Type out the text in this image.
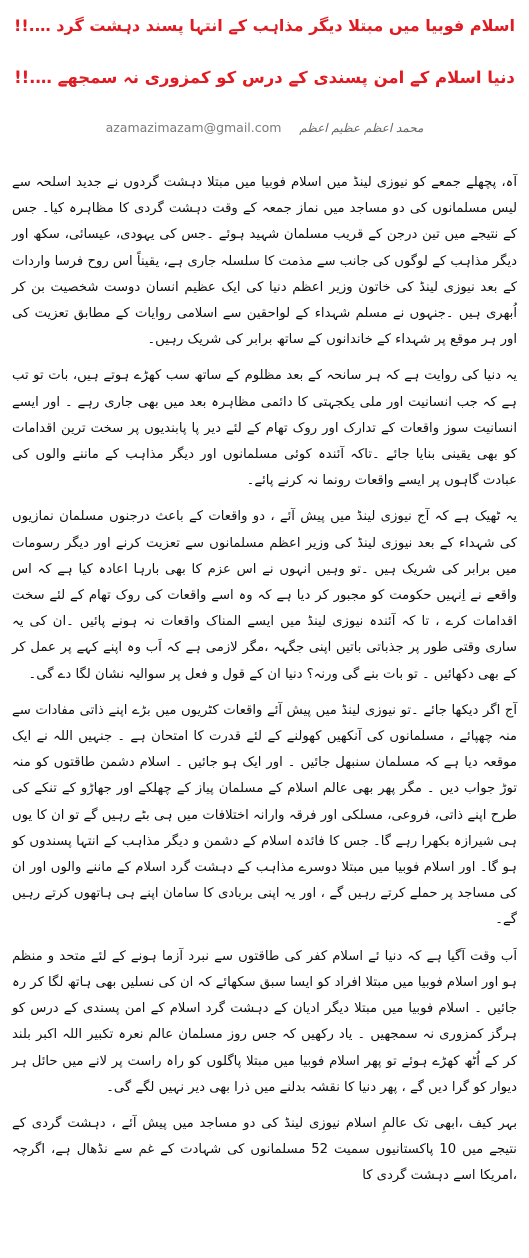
اسلام فوبیا میں مبتلا دیگر مذاہب کے انتہا پسند دہشت گرد ….!!
دنیا اسلام کے امن پسندی کے درس کو کمزوری نہ سمجھے ….!!
azamazimazam@gmail.com محمد اعظم عظیم اعظم

آہ، پچھلے جمعے کو نیوزی لینڈ میں اسلام فوبیا میں مبتلا دہشت گردوں نے جدید اسلحہ سے لیس مسلمانوں کی دو مساجد میں نماز جمعہ کے وقت دہشت گردی کا مظاہرہ کیا۔ جس کے نتیجے میں تین درجن کے قریب مسلمان شہید ہوئے ۔جس کی یہودی، عیسائی، سکھ اور دیگر مذاہب کے لوگوں کی جانب سے مذمت کا سلسلہ جاری ہے، یقیناً اس روح فرسا واردات کے بعد نیوزی لینڈ کی خاتون وزیر اعظم دنیا کی ایک عظیم انسان دوست شخصیت بن کر اُبھری ہیں ۔جنہوں نے مسلم شہداء کے لواحقین سے اسلامی روایات کے مطابق تعزیت کی اور ہر موقع پر شہداء کے خاندانوں کے ساتھ برابر کی شریک رہیں۔

یہ دنیا کی روایت ہے کہ ہر سانحہ کے بعد مظلوم کے ساتھ سب کھڑے ہوتے ہیں، بات تو تب ہے کہ جب انسانیت اور ملی یکجہتی کا دائمی مظاہرہ بعد میں بھی جاری رہے ۔ اور ایسے انسانیت سوز واقعات کے تدارک اور روک تھام کے لئے دیر پا پابندیوں پر سخت ترین اقدامات کو بھی یقینی بنایا جائے ۔تاکہ آئندہ کوئی مسلمانوں اور دیگر مذاہب کے ماننے والوں کی عبادت گاہوں پر ایسے واقعات رونما نہ کرنے پائے۔

یہ ٹھیک ہے کہ آج نیوزی لینڈ میں پیش آئے ، دو واقعات کے باعث درجنوں مسلمان نمازیوں کی شہداء کے بعد نیوزی لینڈ کی وزیر اعظم مسلمانوں سے تعزیت کرنے اور دیگر رسومات میں برابر کی شریک ہیں ۔تو وہیں انہوں نے اس عزم کا بھی بارہا اعادہ کیا ہے کہ اس واقعے نے اِنہیں حکومت کو مجبور کر دیا ہے کہ وہ اسے واقعات کی روک تھام کے لئے سخت اقدامات کرے ، تا کہ آئندہ نیوزی لینڈ میں ایسے المناک واقعات نہ ہونے پائیں ۔ان کی یہ ساری وقتی طور پر جذباتی باتیں اپنی جگہہ ،مگر لازمی ہے کہ اَب وہ اپنے کہے پر عمل کر کے بھی دکھائیں ۔ تو بات بنے گی ورنہ؟ دنیا ان کے قول و فعل پر سوالیہ نشان لگا دے گی۔

آج اگر دیکھا جائے ۔تو نیوزی لینڈ میں پیش آئے واقعات کٹریوں میں بڑے اپنے ذاتی مفادات سے منہ چھپائے ، مسلمانوں کی آنکھیں کھولنے کے لئے قدرت کا امتحان ہے ۔ جنہیں اللہ نے ایک موقعہ دیا ہے کہ مسلمان سنبھل جائیں ۔ اور ایک ہو جائیں ۔ اسلام دشمن طاقتوں کو منہ توڑ جواب دیں ۔ مگر پھر بھی عالم اسلام کے مسلمان پیاز کے چھلکے اور جھاڑو کے تنکے کی طرح اپنے ذاتی، فروعی، مسلکی اور فرقہ وارانہ اختلافات میں ہی بٹے رہیں گے تو ان کا یوں ہی شیرازہ بکھرا رہے گا۔ جس کا فائدہ اسلام کے دشمن و دیگر مذاہب کے انتہا پسندوں کو ہو گا۔ اور اسلام فوبیا میں مبتلا دوسرے مذاہب کے دہشت گرد اسلام کے ماننے والوں اور ان کی مساجد پر حملے کرتے رہیں گے ، اور یہ اپنی بربادی کا سامان اپنے ہی ہاتھوں کرتے رہیں گے۔

اَب وقت آگیا ہے کہ دنیا ئے اسلام کفر کی طاقتوں سے نبرد آزما ہونے کے لئے متحد و منظم ہو اور اسلام فوبیا میں مبتلا افراد کو ایسا سبق سکھائے کہ ان کی نسلیں بھی ہاتھ لگا کر رہ جائیں ۔ اسلام فوبیا میں مبتلا دیگر ادیان کے دہشت گرد اسلام کے امن پسندی کے درس کو ہرگز کمزوری نہ سمجھیں ۔ یاد رکھیں کہ جس روز مسلمان عالم نعرہ تکبیر اللہ اکبر بلند کر کے اُٹھ کھڑے ہوئے تو پھر اسلام فوبیا میں مبتلا پاگلوں کو راہ راست پر لانے میں حائل ہر دیوار کو گرا دیں گے ، پھر دنیا کا نقشہ بدلنے میں ذرا بھی دیر نہیں لگے گی۔

بہر کیف ،ابھی تک عالمِ اسلام نیوزی لینڈ کی دو مساجد میں پیش آئے ، دہشت گردی کے نتیجے میں 10 پاکستانیوں سمیت 52 مسلمانوں کی شہادت کے غم سے نڈھال ہے، اگرچہ ،امریکا اسے دہشت گردی کا
